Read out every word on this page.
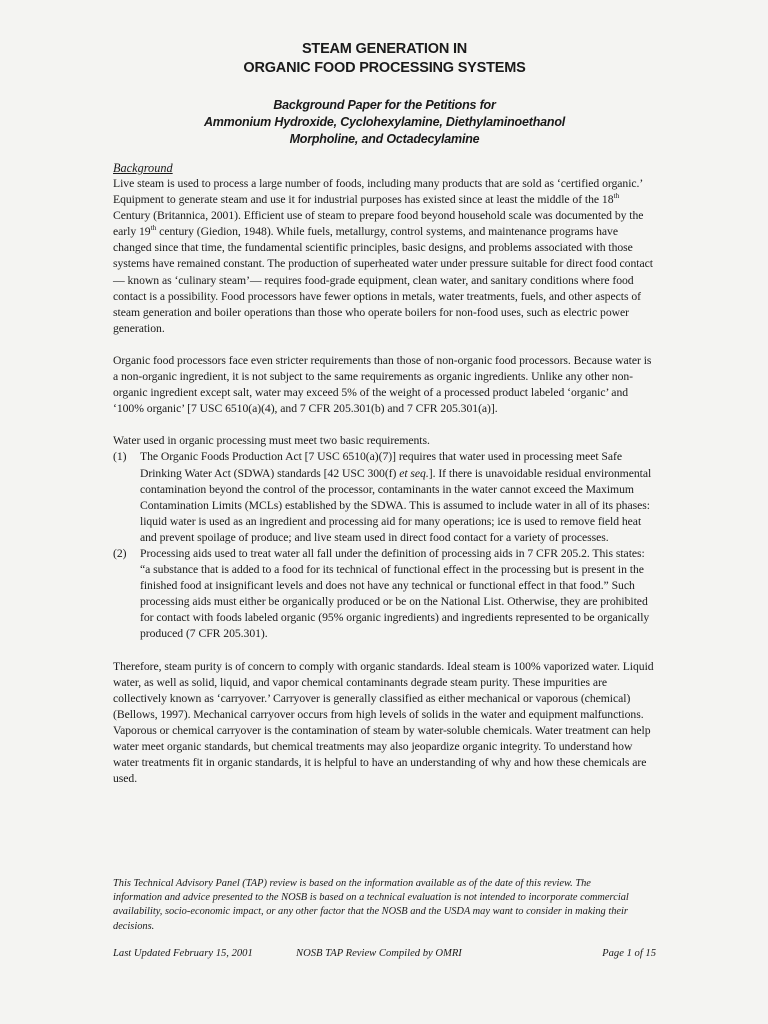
STEAM GENERATION IN

ORGANIC FOOD PROCESSING SYSTEMS

Background Paper for the Petitions for

Ammonium Hydroxide, Cyclohexylamine, Diethylaminoethanol

Morpholine, and Octadecylamine

Background

Live steam is used to process a large number of foods, including many products that are sold as ‘certified organic.’ Equipment to generate steam and use it for industrial purposes has existed since at least the middle of the 18th Century (Britannica, 2001). Efficient use of steam to prepare food beyond household scale was documented by the early 19th century (Giedion, 1948). While fuels, metallurgy, control systems, and maintenance programs have changed since that time, the fundamental scientific principles, basic designs, and problems associated with those systems have remained constant. The production of superheated water under pressure suitable for direct food contact— known as ‘culinary steam’— requires food-grade equipment, clean water, and sanitary conditions where food contact is a possibility. Food processors have fewer options in metals, water treatments, fuels, and other aspects of steam generation and boiler operations than those who operate boilers for non-food uses, such as electric power generation.

Organic food processors face even stricter requirements than those of non-organic food processors. Because water is a non-organic ingredient, it is not subject to the same requirements as organic ingredients. Unlike any other non-organic ingredient except salt, water may exceed 5% of the weight of a processed product labeled ‘organic’ and ‘100% organic’ [7 USC 6510(a)(4), and 7 CFR 205.301(b) and 7 CFR 205.301(a)].

Water used in organic processing must meet two basic requirements.

(1) The Organic Foods Production Act [7 USC 6510(a)(7)] requires that water used in processing meet Safe Drinking Water Act (SDWA) standards [42 USC 300(f) et seq.]. If there is unavoidable residual environmental contamination beyond the control of the processor, contaminants in the water cannot exceed the Maximum Contamination Limits (MCLs) established by the SDWA. This is assumed to include water in all of its phases: liquid water is used as an ingredient and processing aid for many operations; ice is used to remove field heat and prevent spoilage of produce; and live steam used in direct food contact for a variety of processes.
(2) Processing aids used to treat water all fall under the definition of processing aids in 7 CFR 205.2. This states: “a substance that is added to a food for its technical of functional effect in the processing but is present in the finished food at insignificant levels and does not have any technical or functional effect in that food.” Such processing aids must either be organically produced or be on the National List. Otherwise, they are prohibited for contact with foods labeled organic (95% organic ingredients) and ingredients represented to be organically produced (7 CFR 205.301).

Therefore, steam purity is of concern to comply with organic standards. Ideal steam is 100% vaporized water. Liquid water, as well as solid, liquid, and vapor chemical contaminants degrade steam purity. These impurities are collectively known as ‘carryover.’ Carryover is generally classified as either mechanical or vaporous (chemical) (Bellows, 1997). Mechanical carryover occurs from high levels of solids in the water and equipment malfunctions. Vaporous or chemical carryover is the contamination of steam by water-soluble chemicals. Water treatment can help water meet organic standards, but chemical treatments may also jeopardize organic integrity. To understand how water treatments fit in organic standards, it is helpful to have an understanding of why and how these chemicals are used.

This Technical Advisory Panel (TAP) review is based on the information available as of the date of this review. The information and advice presented to the NOSB is based on a technical evaluation is not intended to incorporate commercial availability, socio-economic impact, or any other factor that the NOSB and the USDA may want to consider in making their decisions.
Last Updated February 15, 2001	NOSB TAP Review Compiled by OMRI	Page 1 of 15
